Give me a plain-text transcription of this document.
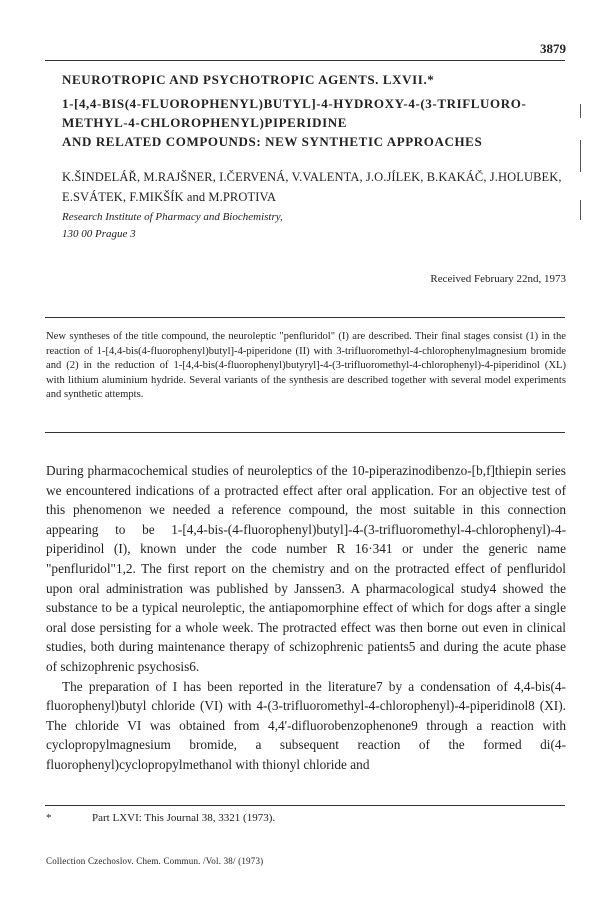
3879
NEUROTROPIC AND PSYCHOTROPIC AGENTS. LXVII.*
1-[4,4-BIS(4-FLUOROPHENYL)BUTYL]-4-HYDROXY-4-(3-TRIFLUORO-
METHYL-4-CHLOROPHENYL)PIPERIDINE
AND RELATED COMPOUNDS: NEW SYNTHETIC APPROACHES
K.ŠINDELÁŘ, M.RAJŠNER, I.ČERVENÁ, V.VALENTA, J.O.JÍLEK, B.KAKÁČ, J.HOLUBEK,
E.SVÁTEK, F.MIKŠÍK and M.PROTIVA
Research Institute of Pharmacy and Biochemistry,
130 00 Prague 3
Received February 22nd, 1973
New syntheses of the title compound, the neuroleptic "penfluridol" (I) are described. Their final stages consist (1) in the reaction of 1-[4,4-bis(4-fluorophenyl)butyl]-4-piperidone (II) with 3-trifluoromethyl-4-chlorophenylmagnesium bromide and (2) in the reduction of 1-[4,4-bis(4-fluorophenyl)butyryl]-4-(3-trifluoromethyl-4-chlorophenyl)-4-piperidinol (XL) with lithium aluminium hydride. Several variants of the synthesis are described together with several model experiments and synthetic attempts.

During pharmacochemical studies of neuroleptics of the 10-piperazinodibenzo-[b,f]thiepin series we encountered indications of a protracted effect after oral application. For an objective test of this phenomenon we needed a reference compound, the most suitable in this connection appearing to be 1-[4,4-bis-(4-fluorophenyl)butyl]-4-(3-trifluoromethyl-4-chlorophenyl)-4-piperidinol (I), known under the code number R 16·341 or under the generic name "penfluridol"1,2. The first report on the chemistry and on the protracted effect of penfluridol upon oral administration was published by Janssen3. A pharmacological study4 showed the substance to be a typical neuroleptic, the antiapomorphine effect of which for dogs after a single oral dose persisting for a whole week. The protracted effect was then borne out even in clinical studies, both during maintenance therapy of schizophrenic patients5 and during the acute phase of schizophrenic psychosis6.

The preparation of I has been reported in the literature7 by a condensation of 4,4-bis(4-fluorophenyl)butyl chloride (VI) with 4-(3-trifluoromethyl-4-chlorophenyl)-4-piperidinol8 (XI). The chloride VI was obtained from 4,4'-difluorobenzophenone9 through a reaction with cyclopropylmagnesium bromide, a subsequent reaction of the formed di(4-fluorophenyl)cyclopropylmethanol with thionyl chloride and

*	Part LXVI: This Journal 38, 3321 (1973).
Collection Czechoslov. Chem. Commun. /Vol. 38/ (1973)
